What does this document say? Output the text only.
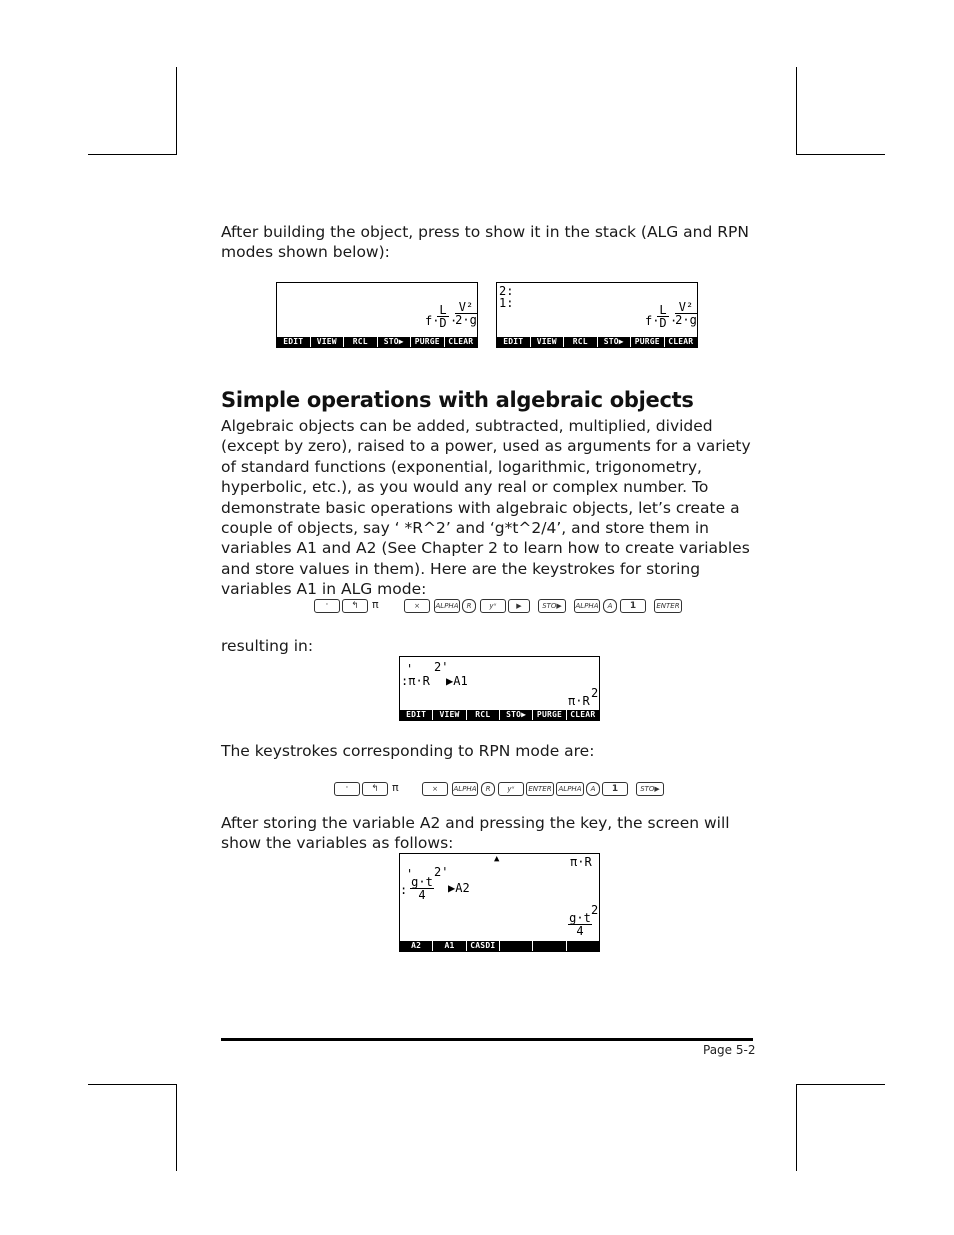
After building the object, press to show it in the stack (ALG and RPN modes shown below):
f·
L
D ·
V²
2·g
EDIT	VIEW	RCL	STO▶	PURGE	CLEAR
2:
1:
f·
L
D ·
V²
2·g
EDIT	VIEW	RCL	STO▶	PURGE	CLEAR
Simple operations with algebraic objects
Algebraic objects can be added, subtracted, multiplied, divided (except by zero), raised to a power, used as arguments for a variety of standard functions (exponential, logarithmic, trigonometry, hyperbolic, etc.), as you would any real or complex number. To demonstrate basic operations with algebraic objects, let’s create a couple of objects, say ‘ *R^2’ and ‘g*t^2/4’, and store them in variables A1 and A2 (See Chapter 2 to learn how to create variables and store values in them). Here are the keystrokes for storing variables A1 in ALG mode:
'	↰	π	×	ALPHA	R	yˣ	▶	STO▶	ALPHA	A	1	ENTER
resulting in:
' 2'
:π·R ▶A1
π·R
2
EDIT	VIEW	RCL	STO▶	PURGE	CLEAR
The keystrokes corresponding to RPN mode are:
'	↰	π	×	ALPHA	R	yˣ	ENTER ALPHA	A	1	STO▶
After storing the variable A2 and pressing the key, the screen will show the variables as follows:
▲	π·R
'
:
g·t
4
2'
▶A2
g·t
4
2
A2	A1	CASDI
Page 5-2
